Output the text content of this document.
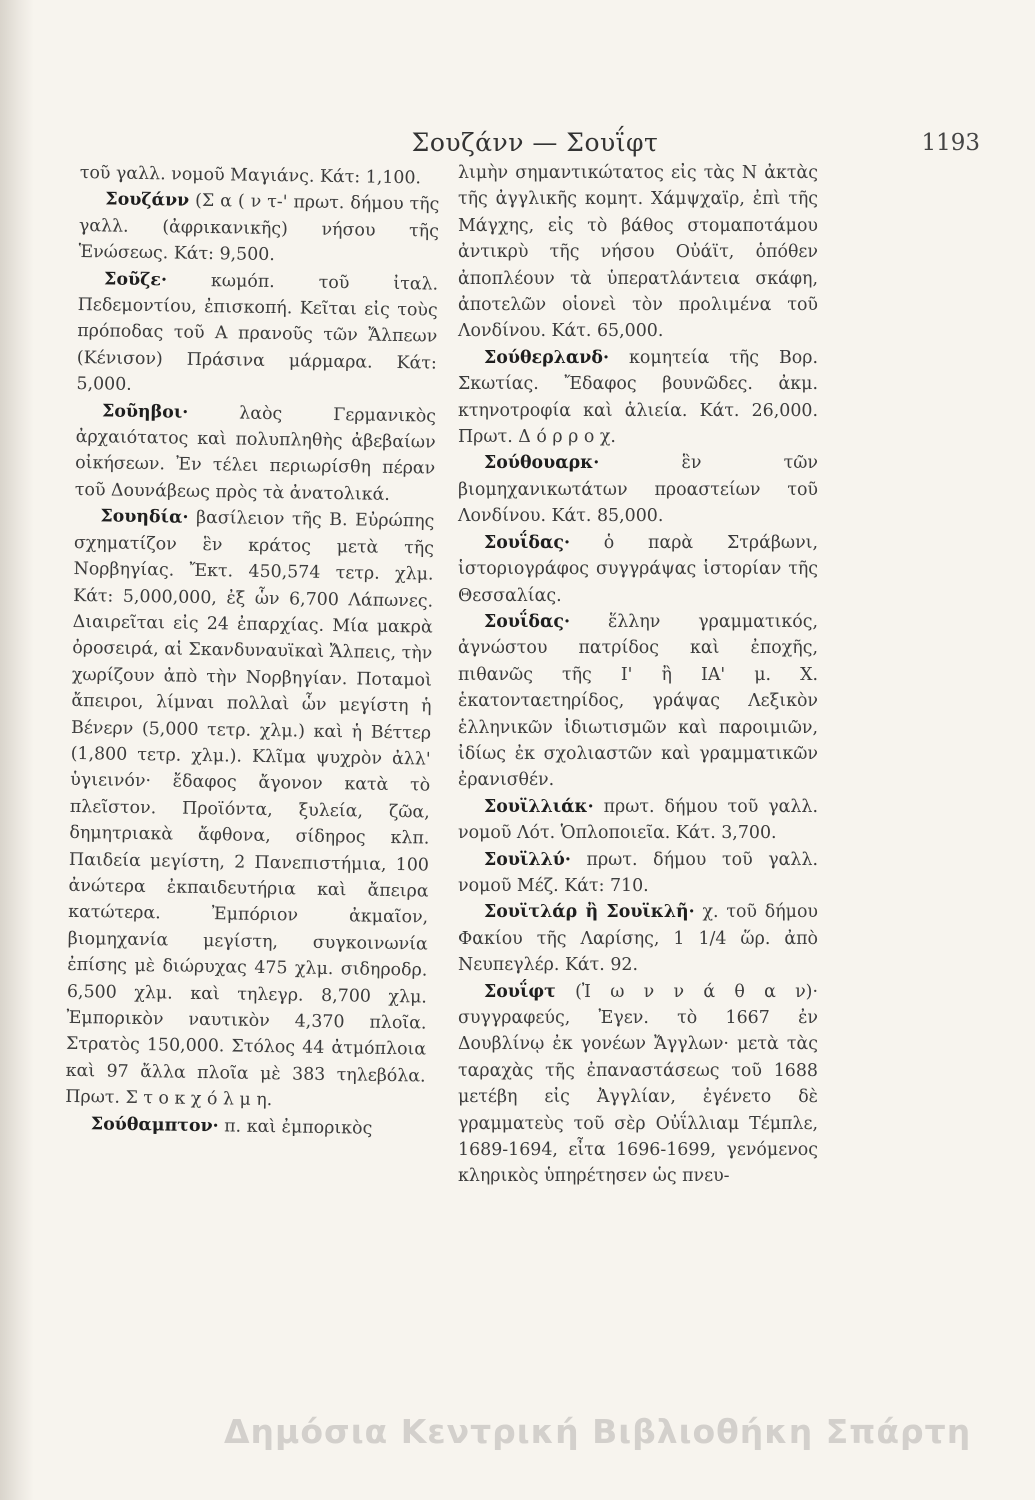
Σουζάνν — Σουΐφτ	1193

τοῦ γαλλ. νομοῦ Μαγιάνς. Κάτ: 1,100.

Σουζάνν (Σ α ( ν τ-' πρωτ. δήμου τῆς γαλλ. (ἀφρικανικῆς) νήσου τῆς Ἑνώσεως. Κάτ: 9,500.

Σοῦζε·	κωμόπ. τοῦ ἰταλ. Πεδεμοντίου, ἐπισκοπή. Κεῖται εἰς τοὺς πρόποδας τοῦ Α πρανοῦς τῶν Ἄλπεων (Κένισον) Πράσινα μάρμαρα. Κάτ: 5,000.

Σοῦηβοι·	λαὸς Γερμανικὸς ἀρχαιότατος καὶ πολυπληθὴς ἀβεβαίων οἰκήσεων. Ἐν τέλει περιωρίσθη πέραν τοῦ Δουνάβεως πρὸς τὰ ἀνατολικά.

Σουηδία· βασίλειον τῆς Β. Εὐρώπης σχηματίζον ἓν κράτος μετὰ τῆς Νορβηγίας. Ἔκτ. 450,574 τετρ. χλμ. Κάτ: 5,000,000, ἐξ ὧν 6,700 Λάπωνες. Διαιρεῖται εἰς 24 ἐπαρχίας. Μία μακρὰ ὀροσειρά, αἱ Σκανδυναυϊκαὶ Ἄλπεις, τὴν χωρίζουν ἀπὸ τὴν Νορβηγίαν. Ποταμοὶ ἄπειροι, λίμναι πολλαὶ ὧν μεγίστη ἡ Βένερν (5,000 τετρ. χλμ.) καὶ ἡ Βέττερ (1,800 τετρ. χλμ.). Κλῖμα ψυχρὸν ἀλλ' ὑγιεινόν· ἔδαφος ἄγονον κατὰ τὸ πλεῖστον. Προϊόντα, ξυλεία, ζῶα, δημητριακὰ ἄφθονα, σίδηρος κλπ. Παιδεία μεγίστη, 2 Πανεπιστήμια, 100 ἀνώτερα ἐκπαιδευτήρια καὶ ἄπειρα κατώτερα. Ἐμπόριον ἀκμαῖον, βιομηχανία μεγίστη, συγκοινωνία ἐπίσης μὲ διώρυχας 475 χλμ. σιδηροδρ. 6,500 χλμ. καὶ τηλεγρ. 8,700 χλμ. Ἐμπορικὸν ναυτικὸν 4,370 πλοῖα. Στρατὸς 150,000. Στόλος 44 ἀτμόπλοια καὶ 97 ἄλλα πλοῖα μὲ 383 τηλεβόλα. Πρωτ. Σ τ ο κ χ ό λ μ η.

Σούθαμπτον· π. καὶ ἐμπορικὸς

λιμὴν σημαντικώτατος εἰς τὰς Ν ἀκτὰς τῆς ἀγγλικῆς κομητ. Χάμψχαϊρ, ἐπὶ τῆς Μάγχης, εἰς τὸ βάθος στομαποτάμου ἀντικρὺ τῆς νήσου Οὐάϊτ, ὁπόθεν ἀποπλέουν τὰ ὑπερατλάντεια σκάφη, ἀποτελῶν οἱονεὶ τὸν προλιμένα τοῦ Λονδίνου. Κάτ. 65,000.

Σούθερλανδ· κομητεία τῆς Βορ. Σκωτίας. Ἔδαφος βουνῶδες. ἀκμ. κτηνοτροφία καὶ ἁλιεία. Κάτ. 26,000. Πρωτ. Δ ό ρ ρ ο χ.

Σούθουαρκ·	ἓν τῶν βιομηχανικωτάτων προαστείων τοῦ Λονδίνου. Κάτ. 85,000.

Σουΐδας· ὁ παρὰ Στράβωνι, ἱστοριογράφος συγγράψας ἱστορίαν τῆς Θεσσαλίας.

Σουΐδας· ἕλλην γραμματικός, ἀγνώστου πατρίδος καὶ ἐποχῆς, πιθανῶς τῆς Ι' ἢ ΙΑ' μ. Χ. ἑκατονταετηρίδος, γράψας Λεξικὸν ἑλληνικῶν ἰδιωτισμῶν καὶ παροιμιῶν, ἰδίως ἐκ σχολιαστῶν καὶ γραμματικῶν ἐρανισθέν.

Σουϊλλιάκ· πρωτ. δήμου τοῦ γαλλ. νομοῦ Λότ. Ὁπλοποιεῖα. Κάτ. 3,700.

Σουϊλλύ· πρωτ. δήμου τοῦ γαλλ. νομοῦ Μέζ. Κάτ: 710.

Σουϊτλάρ ἢ Σουϊκλῆ· χ. τοῦ δήμου Φακίου τῆς Λαρίσης, 1 1/4 ὥρ. ἀπὸ Νευπεγλέρ. Κάτ. 92.

Σουΐφτ (Ἰ ω ν ν ά θ α ν)· συγγραφεύς, Ἐγεν. τὸ 1667 ἐν Δουβλίνῳ ἐκ γονέων Ἄγγλων· μετὰ τὰς ταραχὰς τῆς ἐπαναστάσεως τοῦ 1688 μετέβη εἰς Ἀγγλίαν, ἐγένετο δὲ γραμματεὺς τοῦ σὲρ Οὐΐλλιαμ Τέμπλε, 1689-1694, εἶτα 1696-1699, γενόμενος κληρικὸς ὑπηρέτησεν ὡς πνευ-

Δημόσια Κεντρική Βιβλιοθήκη Σπάρτη
